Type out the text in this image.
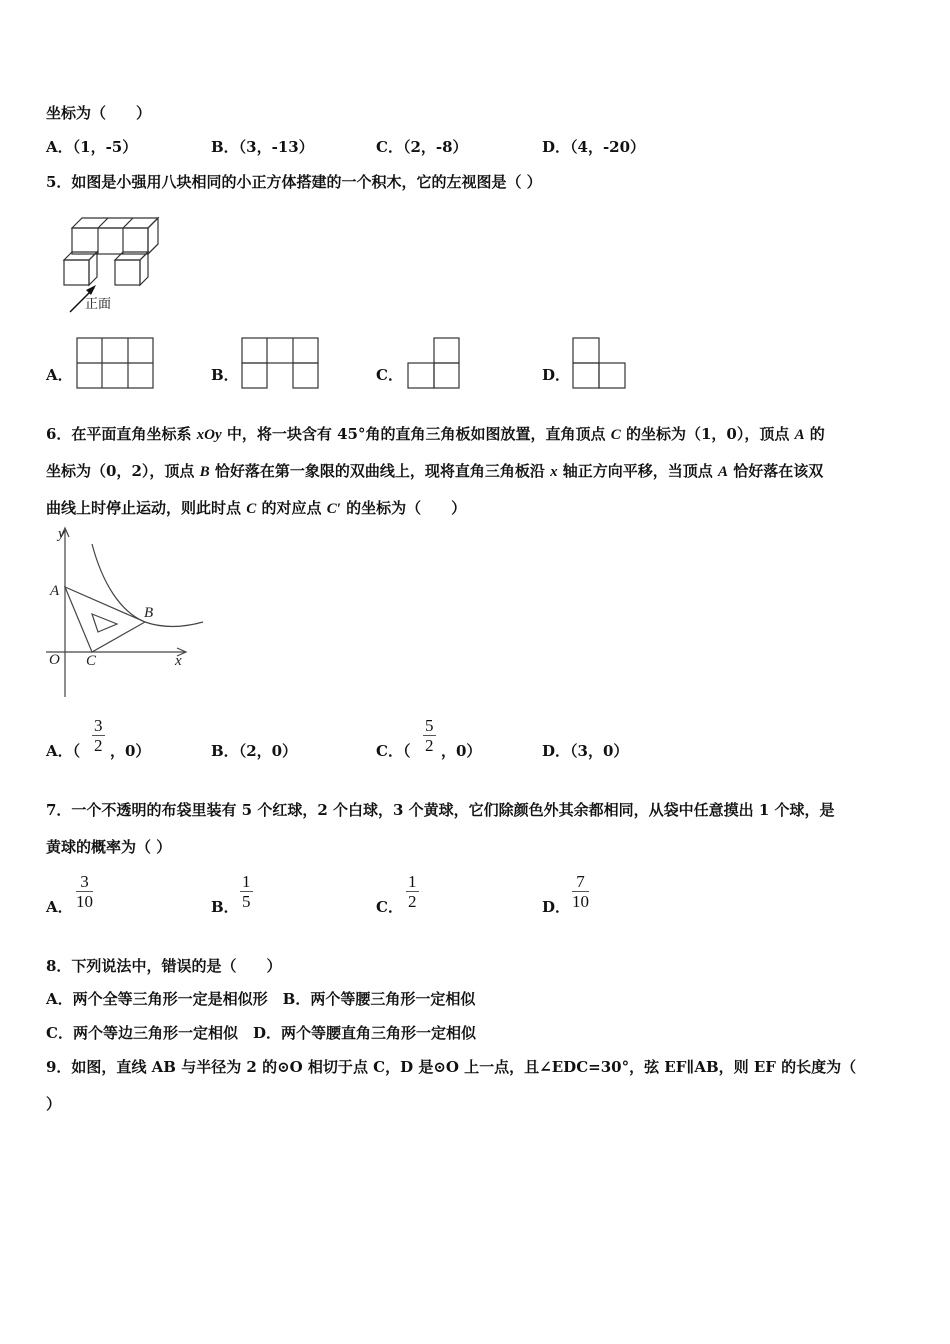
坐标为（　　）
A．（1，-5）	B．（3，-13）	C．（2，-8）	D．（4，-20）
5．如图是小强用八块相同的小正方体搭建的一个积木，它的左视图是（ ）
正面
A．	B．	C．	D．
6．在平面直角坐标系 xOy 中，将一块含有 45°角的直角三角板如图放置，直角顶点 C 的坐标为（1，0），顶点 A 的
坐标为（0，2），顶点 B 恰好落在第一象限的双曲线上，现将直角三角板沿 x 轴正方向平移，当顶点 A 恰好落在该双
曲线上时停止运动，则此时点 C 的对应点 C′ 的坐标为（　　）
y
x
A
B
O C
A．（ $\frac{3}{2}$ ，0）	B．（2，0）	C．（ $\frac{5}{2}$ ，0）	D．（3，0）
7．一个不透明的布袋里装有 5 个红球，2 个白球，3 个黄球，它们除颜色外其余都相同，从袋中任意摸出 1 个球，是
黄球的概率为（ ）
A． $\frac{3}{10}$	B． $\frac{1}{5}$	C． $\frac{1}{2}$	D． $\frac{7}{10}$
8．下列说法中，错误的是（　　）
A．两个全等三角形一定是相似形　B．两个等腰三角形一定相似
C．两个等边三角形一定相似　D．两个等腰直角三角形一定相似
9．如图，直线 AB 与半径为 2 的⊙O 相切于点 C，D 是⊙O 上一点，且∠EDC=30°，弦 EF∥AB，则 EF 的长度为（
）
